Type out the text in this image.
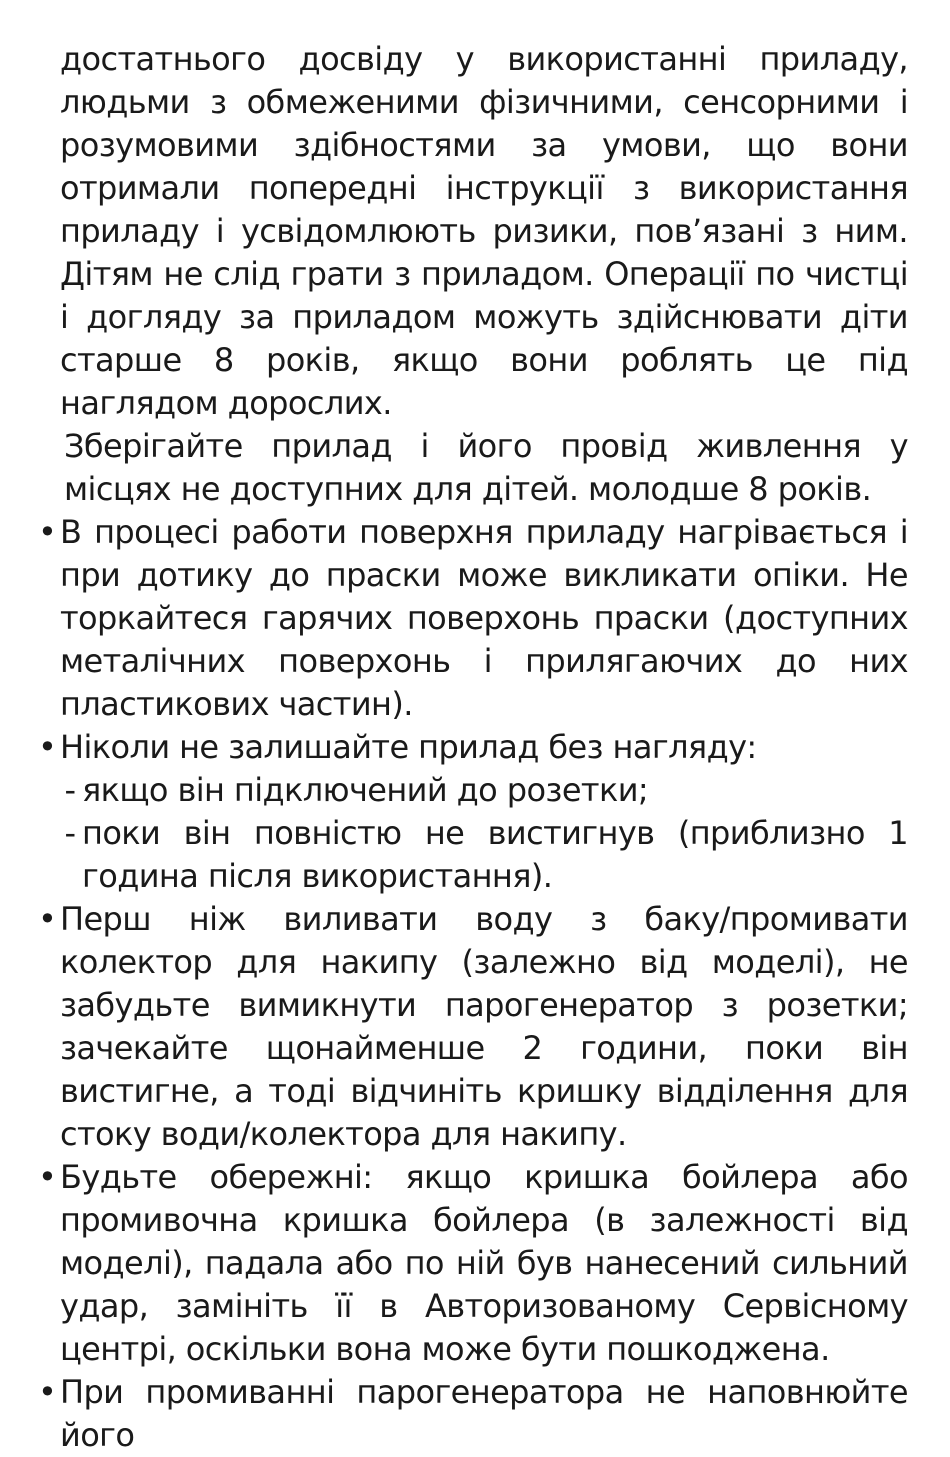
достатнього досвіду у використанні приладу, людьми з обмеженими фізичними, сенсорними і розумовими здібностями за умови, що вони отримали попередні інструкції з використання приладу і усвідомлюють ризики, пов’язані з ним. Дітям не слід грати з приладом. Операції по чистці і догляду за приладом можуть здійснювати діти старше 8 років, якщо вони роблять це під наглядом дорослих.

Зберігайте прилад і його провід живлення у місцях не доступних для дітей. молодше 8 років.

• В процесі работи поверхня приладу нагрівається і при дотику до праски може викликати опіки. Не торкайтеся гарячих поверхонь праски (доступних металічних поверхонь і прилягаючих до них пластикових частин).

• Ніколи не залишайте прилад без нагляду:

- якщо він підключений до розетки;

- поки він повністю не вистигнув (приблизно 1 година після використання).

• Перш ніж виливати воду з баку/промивати колектор для накипу (залежно від моделі), не забудьте вимикнути парогенератор з розетки; зачекайте щонайменше 2 години, поки він вистигне, а тоді відчиніть кришку відділення для стоку води/колектора для накипу.

• Будьте обережні: якщо кришка бойлера або промивочна кришка бойлера (в залежності від моделі), падала або по ній був нанесений сильний удар, замініть її в Авторизованому Сервісному центрі, оскільки вона може бути пошкоджена.

• При промиванні парогенератора не наповнюйте його
